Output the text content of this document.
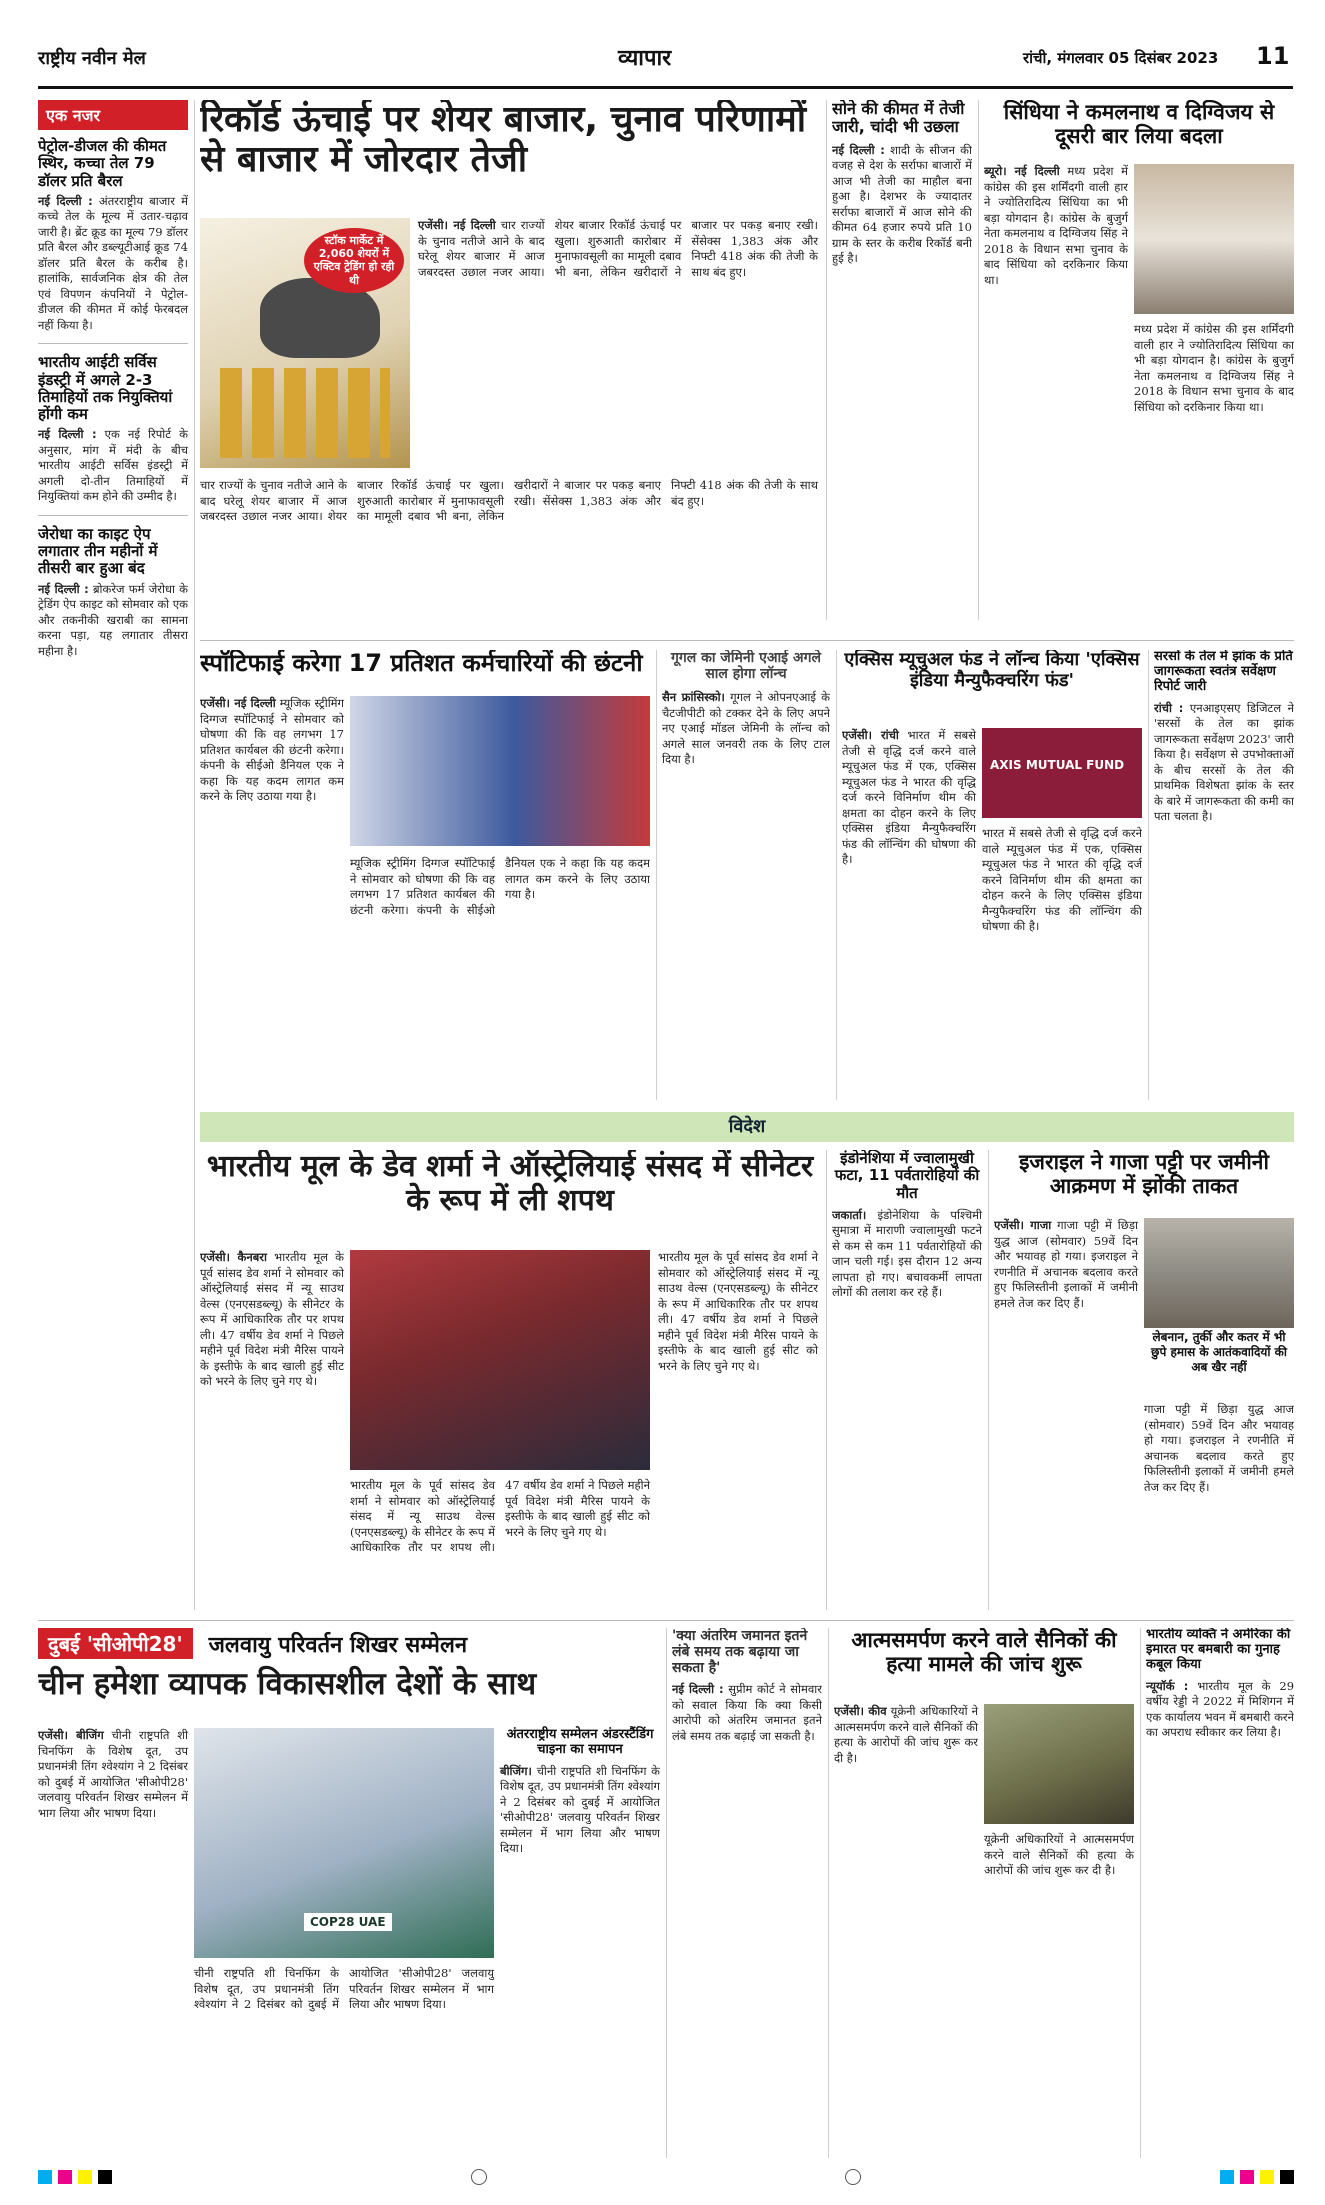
राष्ट्रीय नवीन मेल	व्यापार	रांची, मंगलवार 05 दिसंबर 2023 11
एक नजर
पेट्रोल-डीजल की कीमत स्थिर, कच्चा तेल 79 डॉलर प्रति बैरल
नई दिल्ली : अंतरराष्ट्रीय बाजार में कच्चे तेल के मूल्य में उतार-चढ़ाव जारी है। ब्रेंट क्रूड का मूल्य 79 डॉलर प्रति बैरल और डब्ल्यूटीआई क्रूड 74 डॉलर प्रति बैरल के करीब है। हालांकि, सार्वजनिक क्षेत्र की तेल एवं विपणन कंपनियों ने पेट्रोल-डीजल की कीमत में कोई फेरबदल नहीं किया है।
भारतीय आईटी सर्विस इंडस्ट्री में अगले 2-3 तिमाहियों तक नियुक्तियां होंगी कम
नई दिल्ली : एक नई रिपोर्ट के अनुसार, मांग में मंदी के बीच भारतीय आईटी सर्विस इंडस्ट्री में अगली दो-तीन तिमाहियों में नियुक्तियां कम होने की उम्मीद है।
जेरोधा का काइट ऐप लगातार तीन महीनों में तीसरी बार हुआ बंद
नई दिल्ली : ब्रोकरेज फर्म जेरोधा के ट्रेडिंग ऐप काइट को सोमवार को एक और तकनीकी खराबी का सामना करना पड़ा, यह लगातार तीसरा महीना है।
रिकॉर्ड ऊंचाई पर शेयर बाजार, चुनाव परिणामों से बाजार में जोरदार तेजी
स्टॉक मार्केट में 2,060 शेयरों में एक्टिव ट्रेडिंग हो रही थी
एजेंसी। नई दिल्ली चार राज्यों के चुनाव नतीजे आने के बाद घरेलू शेयर बाजार में आज जबरदस्त उछाल नजर आया। शेयर बाजार रिकॉर्ड ऊंचाई पर खुला। शुरुआती कारोबार में मुनाफावसूली का मामूली दबाव भी बना, लेकिन खरीदारों ने बाजार पर पकड़ बनाए रखी। सेंसेक्स 1,383 अंक और निफ्टी 418 अंक की तेजी के साथ बंद हुए।
चार राज्यों के चुनाव नतीजे आने के बाद घरेलू शेयर बाजार में आज जबरदस्त उछाल नजर आया। शेयर बाजार रिकॉर्ड ऊंचाई पर खुला। शुरुआती कारोबार में मुनाफावसूली का मामूली दबाव भी बना, लेकिन खरीदारों ने बाजार पर पकड़ बनाए रखी। सेंसेक्स 1,383 अंक और निफ्टी 418 अंक की तेजी के साथ बंद हुए।
सोने की कीमत में तेजी जारी, चांदी भी उछला
नई दिल्ली : शादी के सीजन की वजह से देश के सर्राफा बाजारों में आज भी तेजी का माहौल बना हुआ है। देशभर के ज्यादातर सर्राफा बाजारों में आज सोने की कीमत 64 हजार रुपये प्रति 10 ग्राम के स्तर के करीब रिकॉर्ड बनी हुई है।
सिंधिया ने कमलनाथ व दिग्विजय से दूसरी बार लिया बदला
ब्यूरो। नई दिल्ली मध्य प्रदेश में कांग्रेस की इस शर्मिंदगी वाली हार ने ज्योतिरादित्य सिंधिया का भी बड़ा योगदान है। कांग्रेस के बुजुर्ग नेता कमलनाथ व दिग्विजय सिंह ने 2018 के विधान सभा चुनाव के बाद सिंधिया को दरकिनार किया था।
मध्य प्रदेश में कांग्रेस की इस शर्मिंदगी वाली हार ने ज्योतिरादित्य सिंधिया का भी बड़ा योगदान है। कांग्रेस के बुजुर्ग नेता कमलनाथ व दिग्विजय सिंह ने 2018 के विधान सभा चुनाव के बाद सिंधिया को दरकिनार किया था।
स्पॉटिफाई करेगा 17 प्रतिशत कर्मचारियों की छंटनी
एजेंसी। नई दिल्ली म्यूजिक स्ट्रीमिंग दिग्गज स्पॉटिफाई ने सोमवार को घोषणा की कि वह लगभग 17 प्रतिशत कार्यबल की छंटनी करेगा। कंपनी के सीईओ डैनियल एक ने कहा कि यह कदम लागत कम करने के लिए उठाया गया है।
म्यूजिक स्ट्रीमिंग दिग्गज स्पॉटिफाई ने सोमवार को घोषणा की कि वह लगभग 17 प्रतिशत कार्यबल की छंटनी करेगा। कंपनी के सीईओ डैनियल एक ने कहा कि यह कदम लागत कम करने के लिए उठाया गया है।
गूगल का जेमिनी एआई अगले साल होगा लॉन्च
सैन फ्रांसिस्को। गूगल ने ओपनएआई के चैटजीपीटी को टक्कर देने के लिए अपने नए एआई मॉडल जेमिनी के लॉन्च को अगले साल जनवरी तक के लिए टाल दिया है।
एक्सिस म्यूचुअल फंड ने लॉन्च किया 'एक्सिस इंडिया मैन्युफैक्चरिंग फंड'
AXIS MUTUAL FUND
एजेंसी। रांची भारत में सबसे तेजी से वृद्धि दर्ज करने वाले म्यूचुअल फंड में एक, एक्सिस म्यूचुअल फंड ने भारत की वृद्धि दर्ज करने विनिर्माण थीम की क्षमता का दोहन करने के लिए एक्सिस इंडिया मैन्युफैक्चरिंग फंड की लॉन्चिंग की घोषणा की है।
भारत में सबसे तेजी से वृद्धि दर्ज करने वाले म्यूचुअल फंड में एक, एक्सिस म्यूचुअल फंड ने भारत की वृद्धि दर्ज करने विनिर्माण थीम की क्षमता का दोहन करने के लिए एक्सिस इंडिया मैन्युफैक्चरिंग फंड की लॉन्चिंग की घोषणा की है।
सरसों के तेल में झांक के प्रति जागरूकता स्वतंत्र सर्वेक्षण रिपोर्ट जारी
रांची : एनआइएसए डिजिटल ने 'सरसों के तेल का झांक जागरूकता सर्वेक्षण 2023' जारी किया है। सर्वेक्षण से उपभोक्ताओं के बीच सरसों के तेल की प्राथमिक विशेषता झांक के स्तर के बारे में जागरूकता की कमी का पता चलता है।
विदेश
भारतीय मूल के डेव शर्मा ने ऑस्ट्रेलियाई संसद में सीनेटर के रूप में ली शपथ
एजेंसी। कैनबरा भारतीय मूल के पूर्व सांसद डेव शर्मा ने सोमवार को ऑस्ट्रेलियाई संसद में न्यू साउथ वेल्स (एनएसडब्ल्यू) के सीनेटर के रूप में आधिकारिक तौर पर शपथ ली। 47 वर्षीय डेव शर्मा ने पिछले महीने पूर्व विदेश मंत्री मैरिस पायने के इस्तीफे के बाद खाली हुई सीट को भरने के लिए चुने गए थे।
भारतीय मूल के पूर्व सांसद डेव शर्मा ने सोमवार को ऑस्ट्रेलियाई संसद में न्यू साउथ वेल्स (एनएसडब्ल्यू) के सीनेटर के रूप में आधिकारिक तौर पर शपथ ली। 47 वर्षीय डेव शर्मा ने पिछले महीने पूर्व विदेश मंत्री मैरिस पायने के इस्तीफे के बाद खाली हुई सीट को भरने के लिए चुने गए थे।
भारतीय मूल के पूर्व सांसद डेव शर्मा ने सोमवार को ऑस्ट्रेलियाई संसद में न्यू साउथ वेल्स (एनएसडब्ल्यू) के सीनेटर के रूप में आधिकारिक तौर पर शपथ ली। 47 वर्षीय डेव शर्मा ने पिछले महीने पूर्व विदेश मंत्री मैरिस पायने के इस्तीफे के बाद खाली हुई सीट को भरने के लिए चुने गए थे।
इंडोनेशिया में ज्वालामुखी फटा, 11 पर्वतारोहियों की मौत
जकार्ता। इंडोनेशिया के पश्चिमी सुमात्रा में माराणी ज्वालामुखी फटने से कम से कम 11 पर्वतारोहियों की जान चली गई। इस दौरान 12 अन्य लापता हो गए। बचावकर्मी लापता लोगों की तलाश कर रहे हैं।
इजराइल ने गाजा पट्टी पर जमीनी आक्रमण में झोंकी ताकत
एजेंसी। गाजा गाजा पट्टी में छिड़ा युद्ध आज (सोमवार) 59वें दिन और भयावह हो गया। इजराइल ने रणनीति में अचानक बदलाव करते हुए फिलिस्तीनी इलाकों में जमीनी हमले तेज कर दिए हैं।
लेबनान, तुर्की और कतर में भी छुपे हमास के आतंकवादियों की अब खैर नहीं
गाजा पट्टी में छिड़ा युद्ध आज (सोमवार) 59वें दिन और भयावह हो गया। इजराइल ने रणनीति में अचानक बदलाव करते हुए फिलिस्तीनी इलाकों में जमीनी हमले तेज कर दिए हैं।
दुबई 'सीओपी28'	जलवायु परिवर्तन शिखर सम्मेलन
चीन हमेशा व्यापक विकासशील देशों के साथ
एजेंसी। बीजिंग चीनी राष्ट्रपति शी चिनफिंग के विशेष दूत, उप प्रधानमंत्री तिंग श्वेश्यांग ने 2 दिसंबर को दुबई में आयोजित 'सीओपी28' जलवायु परिवर्तन शिखर सम्मेलन में भाग लिया और भाषण दिया।
COP28 UAE
अंतरराष्ट्रीय सम्मेलन अंडरस्टैंडिंग चाइना का समापन
बीजिंग। चीनी राष्ट्रपति शी चिनफिंग के विशेष दूत, उप प्रधानमंत्री तिंग श्वेश्यांग ने 2 दिसंबर को दुबई में आयोजित 'सीओपी28' जलवायु परिवर्तन शिखर सम्मेलन में भाग लिया और भाषण दिया।
चीनी राष्ट्रपति शी चिनफिंग के विशेष दूत, उप प्रधानमंत्री तिंग श्वेश्यांग ने 2 दिसंबर को दुबई में आयोजित 'सीओपी28' जलवायु परिवर्तन शिखर सम्मेलन में भाग लिया और भाषण दिया।
'क्या अंतरिम जमानत इतने लंबे समय तक बढ़ाया जा सकता है'
नई दिल्ली : सुप्रीम कोर्ट ने सोमवार को सवाल किया कि क्या किसी आरोपी को अंतरिम जमानत इतने लंबे समय तक बढ़ाई जा सकती है।
आत्मसमर्पण करने वाले सैनिकों की हत्या मामले की जांच शुरू
एजेंसी। कीव यूक्रेनी अधिकारियों ने आत्मसमर्पण करने वाले सैनिकों की हत्या के आरोपों की जांच शुरू कर दी है।
यूक्रेनी अधिकारियों ने आत्मसमर्पण करने वाले सैनिकों की हत्या के आरोपों की जांच शुरू कर दी है।
भारतीय व्यक्ति ने अमेरिका की इमारत पर बमबारी का गुनाह कबूल किया
न्यूयॉर्क : भारतीय मूल के 29 वर्षीय रेड्डी ने 2022 में मिशिगन में एक कार्यालय भवन में बमबारी करने का अपराध स्वीकार कर लिया है।
